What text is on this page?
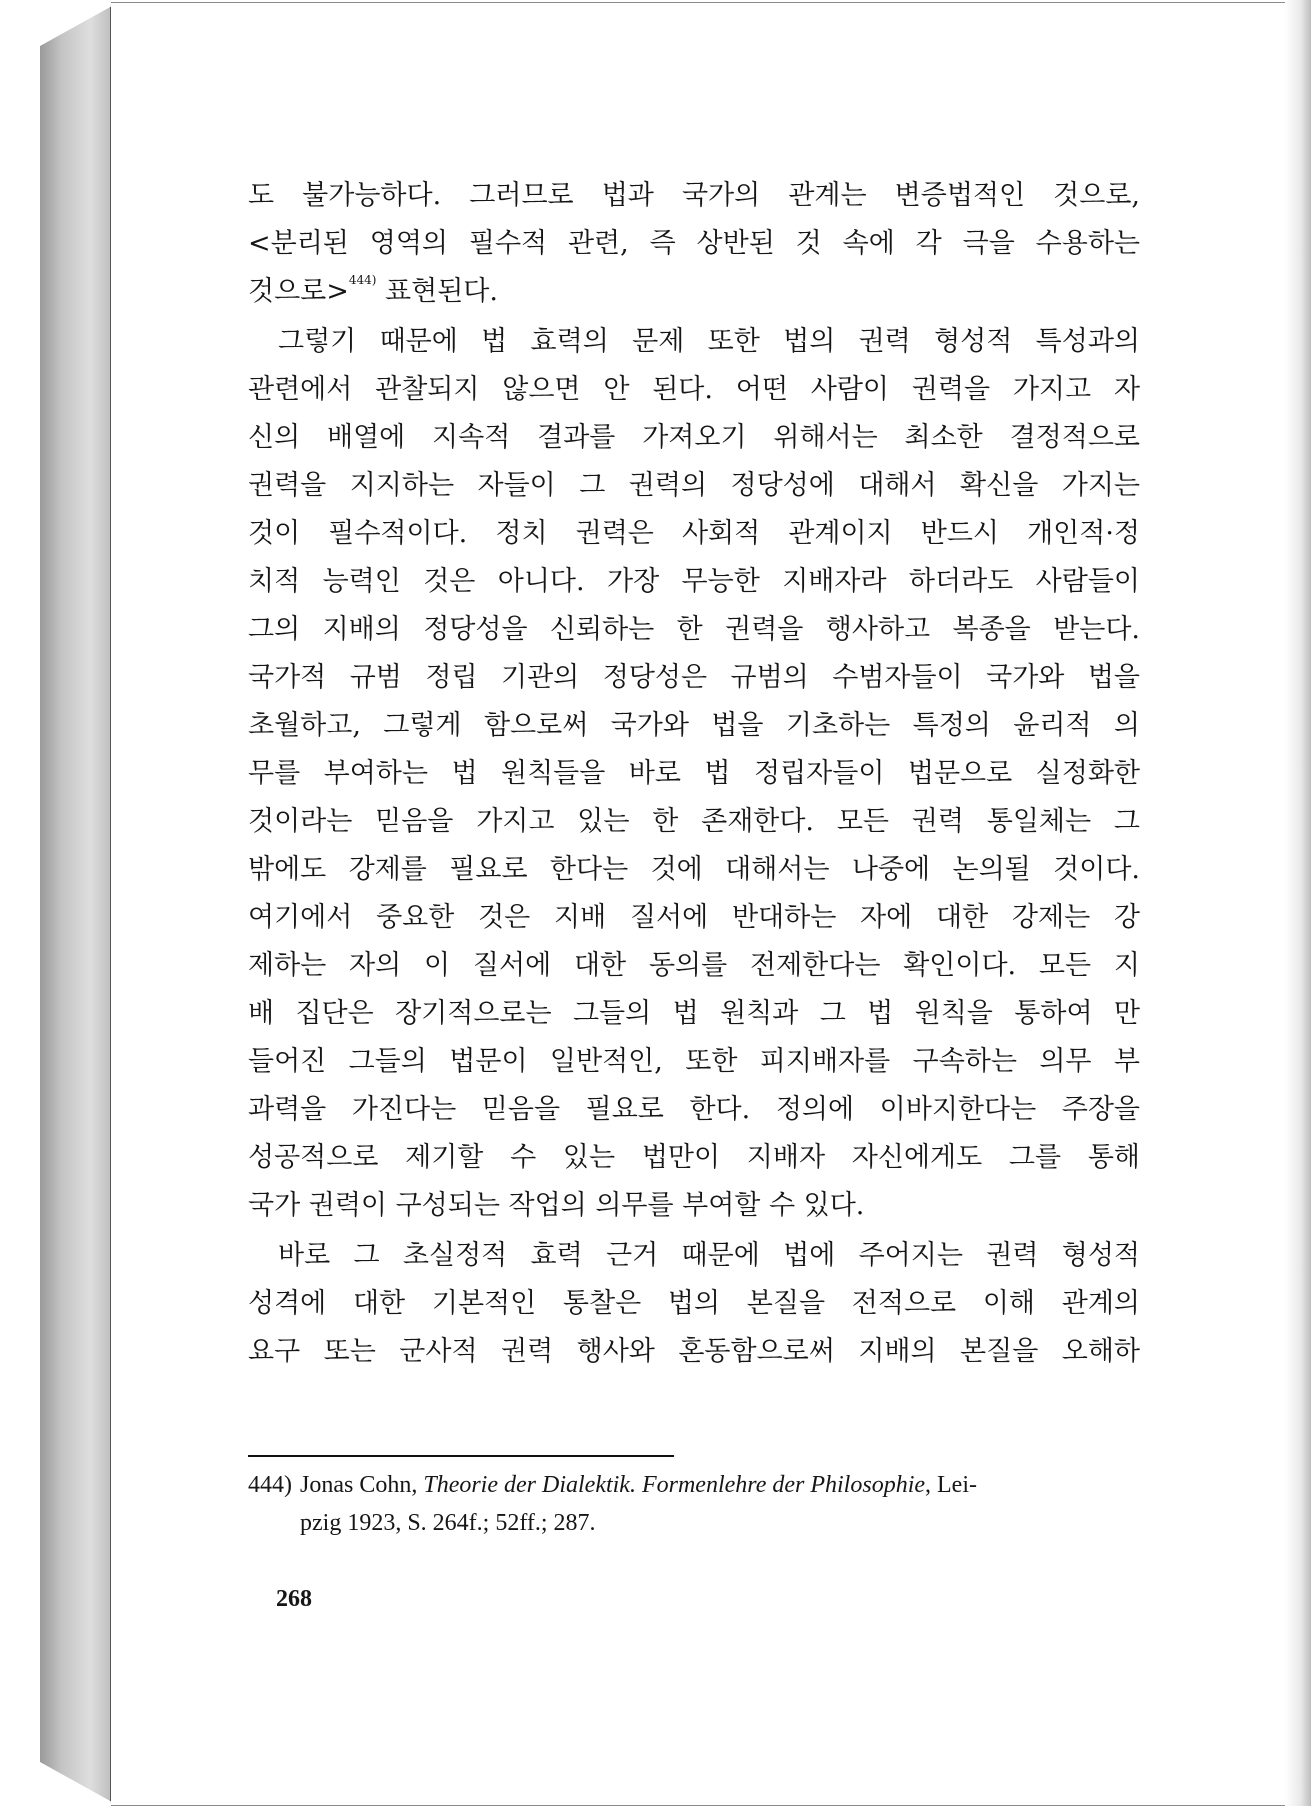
도 불가능하다. 그러므로 법과 국가의 관계는 변증법적인 것으로,
<분리된 영역의 필수적 관련, 즉 상반된 것 속에 각 극을 수용하는
것으로>$^{444)}$ 표현된다.

그렇기 때문에 법 효력의 문제 또한 법의 권력 형성적 특성과의
관련에서 관찰되지 않으면 안 된다. 어떤 사람이 권력을 가지고 자
신의 배열에 지속적 결과를 가져오기 위해서는 최소한 결정적으로
권력을 지지하는 자들이 그 권력의 정당성에 대해서 확신을 가지는
것이 필수적이다. 정치 권력은 사회적 관계이지 반드시 개인적·정
치적 능력인 것은 아니다. 가장 무능한 지배자라 하더라도 사람들이
그의 지배의 정당성을 신뢰하는 한 권력을 행사하고 복종을 받는다.
국가적 규범 정립 기관의 정당성은 규범의 수범자들이 국가와 법을
초월하고, 그렇게 함으로써 국가와 법을 기초하는 특정의 윤리적 의
무를 부여하는 법 원칙들을 바로 법 정립자들이 법문으로 실정화한
것이라는 믿음을 가지고 있는 한 존재한다. 모든 권력 통일체는 그
밖에도 강제를 필요로 한다는 것에 대해서는 나중에 논의될 것이다.
여기에서 중요한 것은 지배 질서에 반대하는 자에 대한 강제는 강
제하는 자의 이 질서에 대한 동의를 전제한다는 확인이다. 모든 지
배 집단은 장기적으로는 그들의 법 원칙과 그 법 원칙을 통하여 만
들어진 그들의 법문이 일반적인, 또한 피지배자를 구속하는 의무 부
과력을 가진다는 믿음을 필요로 한다. 정의에 이바지한다는 주장을
성공적으로 제기할 수 있는 법만이 지배자 자신에게도 그를 통해
국가 권력이 구성되는 작업의 의무를 부여할 수 있다.

바로 그 초실정적 효력 근거 때문에 법에 주어지는 권력 형성적
성격에 대한 기본적인 통찰은 법의 본질을 전적으로 이해 관계의
요구 또는 군사적 권력 행사와 혼동함으로써 지배의 본질을 오해하

444) Jonas Cohn, Theorie der Dialektik. Formenlehre der Philosophie, Lei-
pzig 1923, S. 264f.; 52ff.; 287.
268
